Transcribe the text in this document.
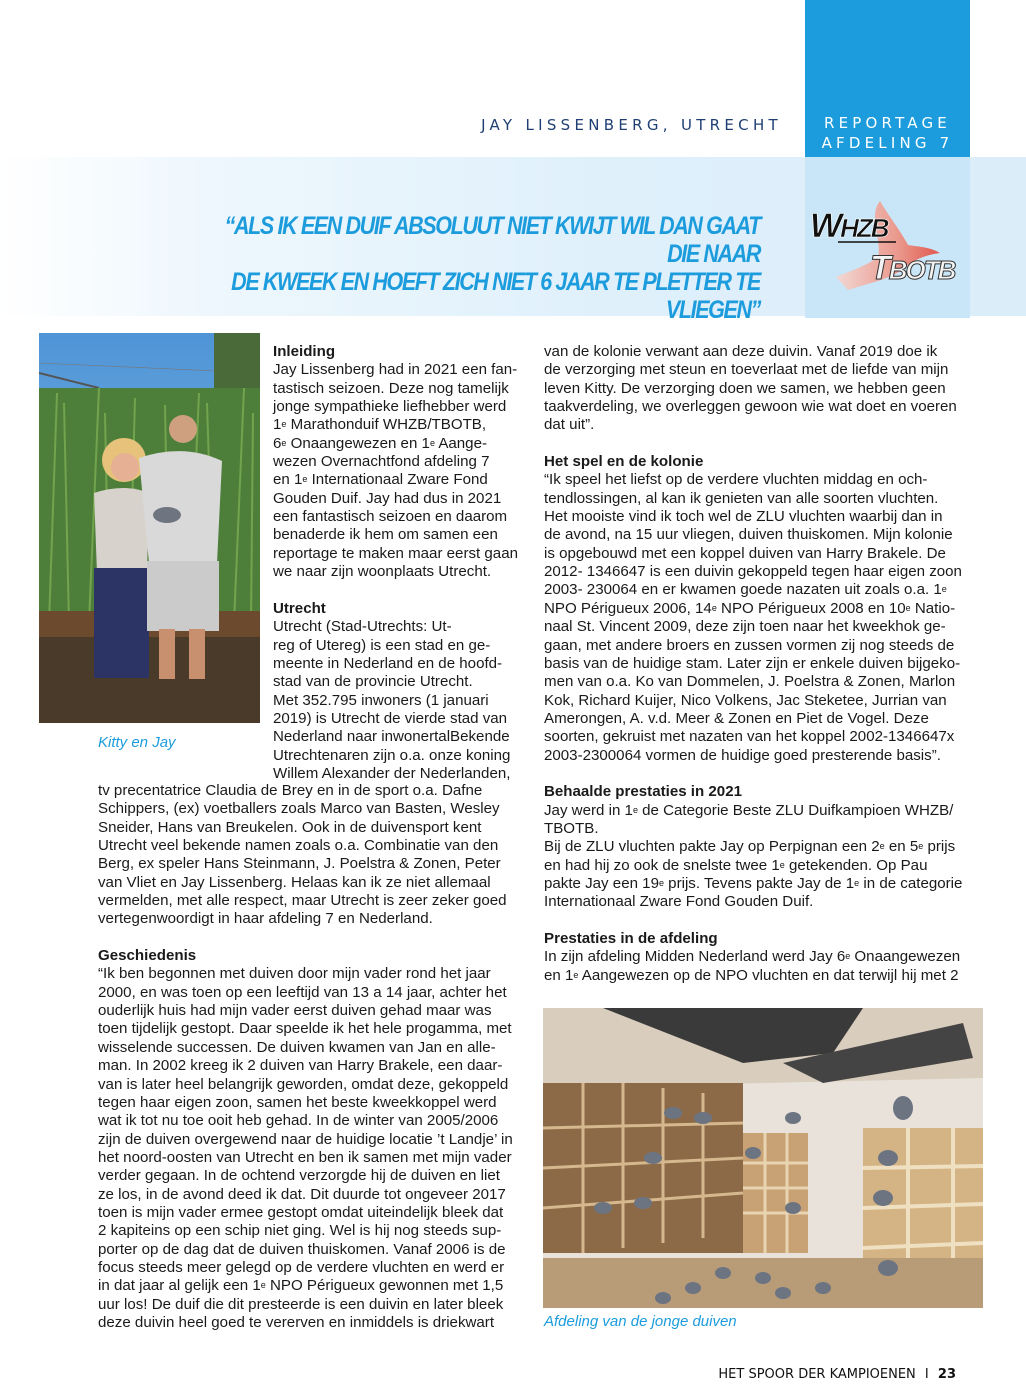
REPORTAGE
AFDELING 7
JAY LISSENBERG, UTRECHT
“ALS IK EEN DUIF ABSOLUUT NIET KWIJT WIL DAN GAAT DIE NAAR
DE KWEEK EN HOEFT ZICH NIET 6 JAAR TE PLETTER TE VLIEGEN”
WHZB
TBOTB
Kitty en Jay
Inleiding

Jay Lissenberg had in 2021 een fan-

tastisch seizoen. Deze nog tamelijk

jonge sympathieke liefhebber werd

1e Marathonduif WHZB/TBOTB,

6e Onaangewezen en 1e Aange-

wezen Overnachtfond afdeling 7

en 1e Internationaal Zware Fond

Gouden Duif. Jay had dus in 2021

een fantastisch seizoen en daarom

benaderde ik hem om samen een

reportage te maken maar eerst gaan

we naar zijn woonplaats Utrecht.

Utrecht

Utrecht (Stad-Utrechts: Ut-

reg of Utereg) is een stad en ge-

meente in Nederland en de hoofd-

stad van de provincie Utrecht.

Met 352.795 inwoners (1 januari

2019) is Utrecht de vierde stad van

Nederland naar inwonertalBekende

Utrechtenaren zijn o.a. onze koning

Willem Alexander der Nederlanden,

tv precentatrice Claudia de Brey en in de sport o.a. Dafne

Schippers, (ex) voetballers zoals Marco van Basten, Wesley

Sneider, Hans van Breukelen. Ook in de duivensport kent

Utrecht veel bekende namen zoals o.a. Combinatie van den

Berg, ex speler Hans Steinmann, J. Poelstra & Zonen, Peter

van Vliet en Jay Lissenberg. Helaas kan ik ze niet allemaal

vermelden, met alle respect, maar Utrecht is zeer zeker goed

vertegenwoordigt in haar afdeling 7 en Nederland.

Geschiedenis

“Ik ben begonnen met duiven door mijn vader rond het jaar

2000, en was toen op een leeftijd van 13 a 14 jaar, achter het

ouderlijk huis had mijn vader eerst duiven gehad maar was

toen tijdelijk gestopt. Daar speelde ik het hele progamma, met

wisselende successen. De duiven kwamen van Jan en alle-

man. In 2002 kreeg ik 2 duiven van Harry Brakele, een daar-

van is later heel belangrijk geworden, omdat deze, gekoppeld

tegen haar eigen zoon, samen het beste kweekkoppel werd

wat ik tot nu toe ooit heb gehad. In de winter van 2005/2006

zijn de duiven overgewend naar de huidige locatie ’t Landje’ in

het noord-oosten van Utrecht en ben ik samen met mijn vader

verder gegaan. In de ochtend verzorgde hij de duiven en liet

ze los, in de avond deed ik dat. Dit duurde tot ongeveer 2017

toen is mijn vader ermee gestopt omdat uiteindelijk bleek dat

2 kapiteins op een schip niet ging. Wel is hij nog steeds sup-

porter op de dag dat de duiven thuiskomen. Vanaf 2006 is de

focus steeds meer gelegd op de verdere vluchten en werd er

in dat jaar al gelijk een 1e NPO Périgueux gewonnen met 1,5

uur los! De duif die dit presteerde is een duivin en later bleek

deze duivin heel goed te vererven en inmiddels is driekwart

van de kolonie verwant aan deze duivin. Vanaf 2019 doe ik

de verzorging met steun en toeverlaat met de liefde van mijn

leven Kitty. De verzorging doen we samen, we hebben geen

taakverdeling, we overleggen gewoon wie wat doet en voeren

dat uit”.

Het spel en de kolonie

“Ik speel het liefst op de verdere vluchten middag en och-

tendlossingen, al kan ik genieten van alle soorten vluchten.

Het mooiste vind ik toch wel de ZLU vluchten waarbij dan in

de avond, na 15 uur vliegen, duiven thuiskomen. Mijn kolonie

is opgebouwd met een koppel duiven van Harry Brakele. De

2012- 1346647 is een duivin gekoppeld tegen haar eigen zoon

2003- 230064 en er kwamen goede nazaten uit zoals o.a. 1e

NPO Périgueux 2006, 14e NPO Périgueux 2008 en 10e Natio-

naal St. Vincent 2009, deze zijn toen naar het kweekhok ge-

gaan, met andere broers en zussen vormen zij nog steeds de

basis van de huidige stam. Later zijn er enkele duiven bijgeko-

men van o.a. Ko van Dommelen, J. Poelstra & Zonen, Marlon

Kok, Richard Kuijer, Nico Volkens, Jac Steketee, Jurrian van

Amerongen, A. v.d. Meer & Zonen en Piet de Vogel. Deze

soorten, gekruist met nazaten van het koppel 2002-1346647x

2003-2300064 vormen de huidige goed presterende basis”.

Behaalde prestaties in 2021

Jay werd in 1e de Categorie Beste ZLU Duifkampioen WHZB/

TBOTB.

Bij de ZLU vluchten pakte Jay op Perpignan een 2e en 5e prijs

en had hij zo ook de snelste twee 1e getekenden. Op Pau

pakte Jay een 19e prijs. Tevens pakte Jay de 1e in de categorie

Internationaal Zware Fond Gouden Duif.

Prestaties in de afdeling

In zijn afdeling Midden Nederland werd Jay 6e Onaangewezen

en 1e Aangewezen op de NPO vluchten en dat terwijl hij met 2

Afdeling van de jonge duiven
HET SPOOR DER KAMPIOENEN I 23
